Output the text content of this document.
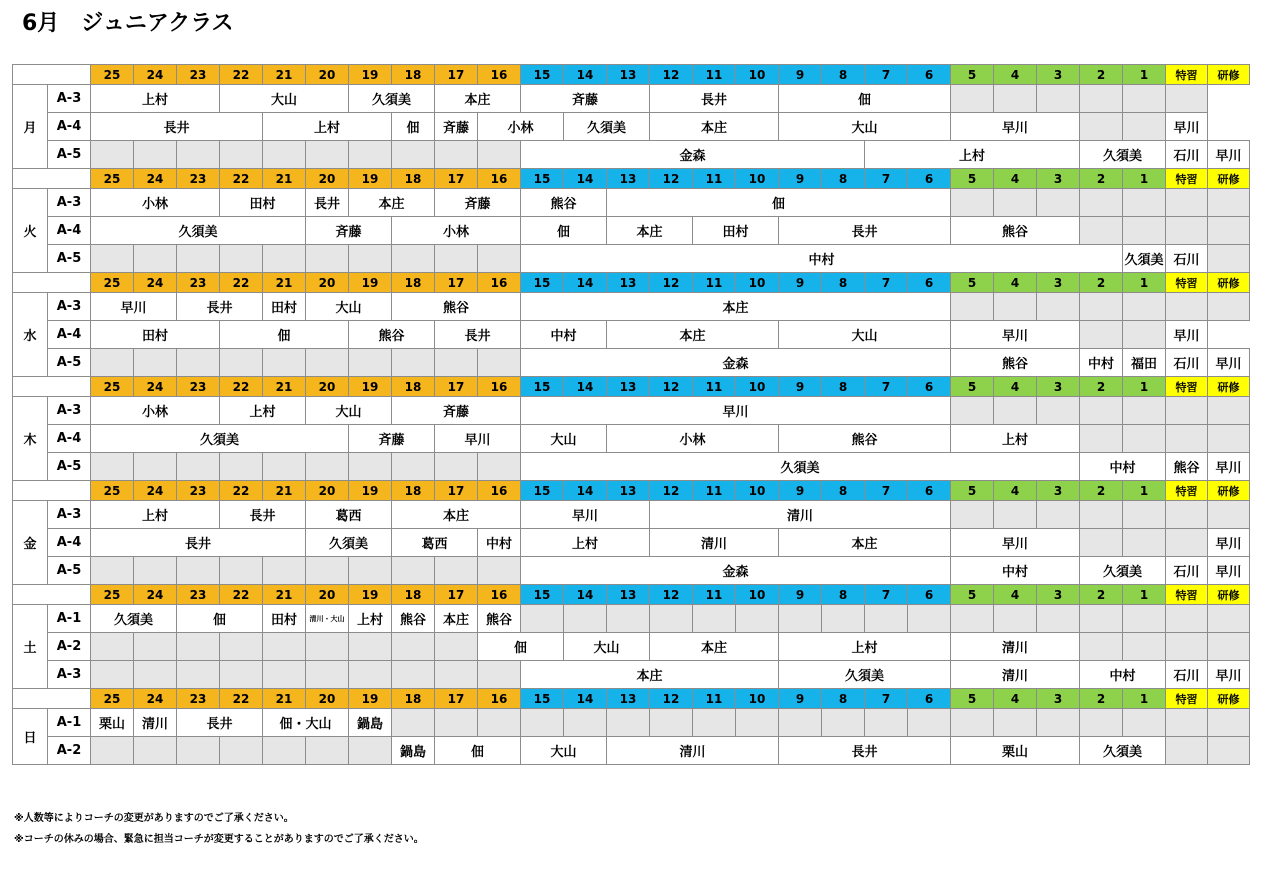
6月　ジュニアクラス
		25	24	23	22	21	20	19	18	17	16	15	14	13	12	11	10	9	8	7	6	5	4	3	2	1	特習	研修
月	A-3	上村			大山			久須美		本庄		斉藤			長井			佃										
	A-4	長井				上村			佃	斉藤	小林		久須美		本庄			大山				早川					早川	
	A-5											金森								上村					久須美		石川	早川
		25	24	23	22	21	20	19	18	17	16	15	14	13	12	11	10	9	8	7	6	5	4	3	2	1	特習	研修
火	A-3	小林			田村		長井	本庄		斉藤		熊谷		佃														
	A-4	久須美					斉藤		小林			佃		本庄		田村		長井				熊谷						
	A-5											中村														久須美	石川	
		25	24	23	22	21	20	19	18	17	16	15	14	13	12	11	10	9	8	7	6	5	4	3	2	1	特習	研修
水	A-3	早川		長井		田村	大山		熊谷			本庄																
	A-4	田村			佃			熊谷		長井		中村		本庄				大山				早川					早川	
	A-5											金森										熊谷			中村	福田	石川	早川
		25	24	23	22	21	20	19	18	17	16	15	14	13	12	11	10	9	8	7	6	5	4	3	2	1	特習	研修
木	A-3	小林			上村		大山		斉藤			早川																
	A-4	久須美						斉藤		早川		大山		小林				熊谷				上村						
	A-5											久須美													中村		熊谷	早川
		25	24	23	22	21	20	19	18	17	16	15	14	13	12	11	10	9	8	7	6	5	4	3	2	1	特習	研修
金	A-3	上村			長井		葛西		本庄			早川			清川													
	A-4	長井					久須美		葛西		中村	上村			清川			本庄				早川						早川
	A-5											金森										中村			久須美		石川	早川
		25	24	23	22	21	20	19	18	17	16	15	14	13	12	11	10	9	8	7	6	5	4	3	2	1	特習	研修
土	A-1	久須美		佃		田村	清川・大山	上村	熊谷	本庄	熊谷																	
	A-2										佃		大山		本庄			上村				清川						
	A-3											本庄						久須美				清川			中村		石川	早川
		25	24	23	22	21	20	19	18	17	16	15	14	13	12	11	10	9	8	7	6	5	4	3	2	1	特習	研修
日	A-1	栗山	清川	長井		佃・大山		鍋島																				
	A-2								鍋島	佃		大山		清川				長井				栗山			久須美			
※人数等によりコーチの変更がありますのでご了承ください。
※コーチの休みの場合、緊急に担当コーチが変更することがありますのでご了承ください。
